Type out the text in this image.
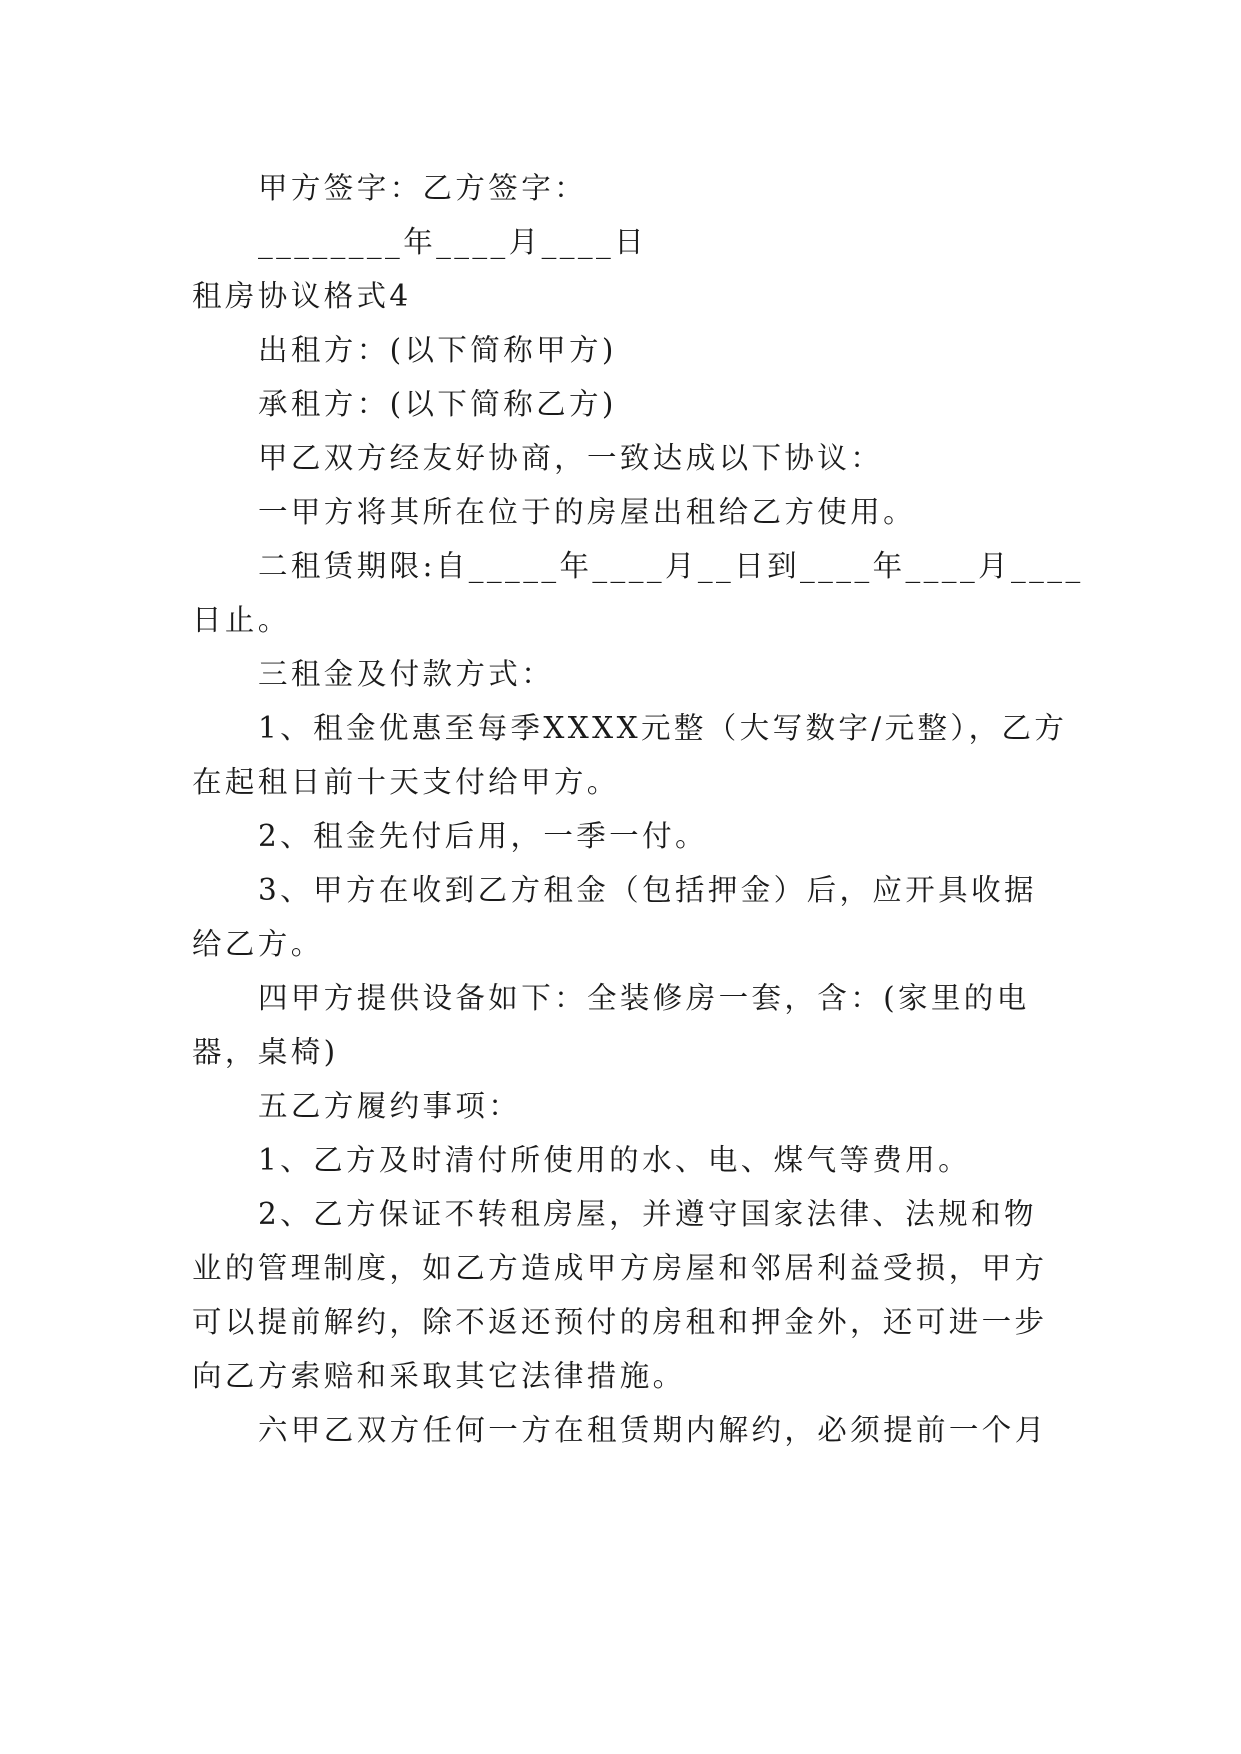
甲方签字：乙方签字：
________年____月____日
租房协议格式4
出租方：(以下简称甲方)
承租方：(以下简称乙方)
甲乙双方经友好协商，一致达成以下协议：
一甲方将其所在位于的房屋出租给乙方使用。
二租赁期限:自_____年____月__日到____年____月____
日止。
三租金及付款方式：
1、租金优惠至每季XXXX元整（大写数字/元整），乙方
在起租日前十天支付给甲方。
2、租金先付后用，一季一付。
3、甲方在收到乙方租金（包括押金）后，应开具收据
给乙方。
四甲方提供设备如下：全装修房一套，含：(家里的电
器，桌椅)
五乙方履约事项：
1、乙方及时清付所使用的水、电、煤气等费用。
2、乙方保证不转租房屋，并遵守国家法律、法规和物
业的管理制度，如乙方造成甲方房屋和邻居利益受损，甲方
可以提前解约，除不返还预付的房租和押金外，还可进一步
向乙方索赔和采取其它法律措施。
六甲乙双方任何一方在租赁期内解约，必须提前一个月
